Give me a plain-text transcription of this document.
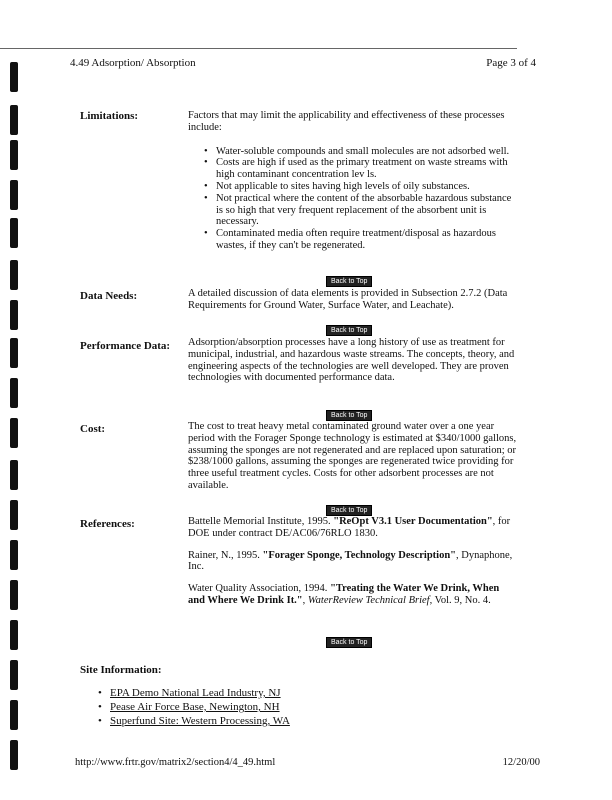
4.49 Adsorption/ Absorption	Page 3 of 4
Limitations:	Factors that may limit the applicability and effectiveness of these processes include:

• Water-soluble compounds and small molecules are not adsorbed well.
• Costs are high if used as the primary treatment on waste streams with high contaminant concentration lev ls.
• Not applicable to sites having high levels of oily substances.
• Not practical where the content of the absorbable hazardous substance is so high that very frequent replacement of the absorbent unit is necessary.
• Contaminated media often require treatment/disposal as hazardous wastes, if they can't be regenerated.
Back to Top
Data Needs:	A detailed discussion of data elements is provided in Subsection 2.7.2 (Data Requirements for Ground Water, Surface Water, and Leachate).
Back to Top
Performance Data: Adsorption/absorption processes have a long history of use as treatment for municipal, industrial, and hazardous waste streams. The concepts, theory, and engineering aspects of the technologies are well developed. They are proven technologies with documented performance data.
Back to Top
Cost:	The cost to treat heavy metal contaminated ground water over a one year period with the Forager Sponge technology is estimated at $340/1000 gallons, assuming the sponges are not regenerated and are replaced upon saturation; or $238/1000 gallons, assuming the sponges are regenerated twice providing for three useful treatment cycles. Costs for other adsorbent processes are not available.
Back to Top
References:	Battelle Memorial Institute, 1995. "ReOpt V3.1 User Documentation", for DOE under contract DE/AC06/76RLO 1830.
Rainer, N., 1995. "Forager Sponge, Technology Description", Dynaphone, Inc.
Water Quality Association, 1994. "Treating the Water We Drink, When and Where We Drink It.", WaterReview Technical Brief, Vol. 9, No. 4.
Back to Top
Site Information:
• EPA Demo National Lead Industry, NJ
• Pease Air Force Base, Newington, NH
• Superfund Site: Western Processing, WA
http://www.frtr.gov/matrix2/section4/4_49.html	12/20/00
